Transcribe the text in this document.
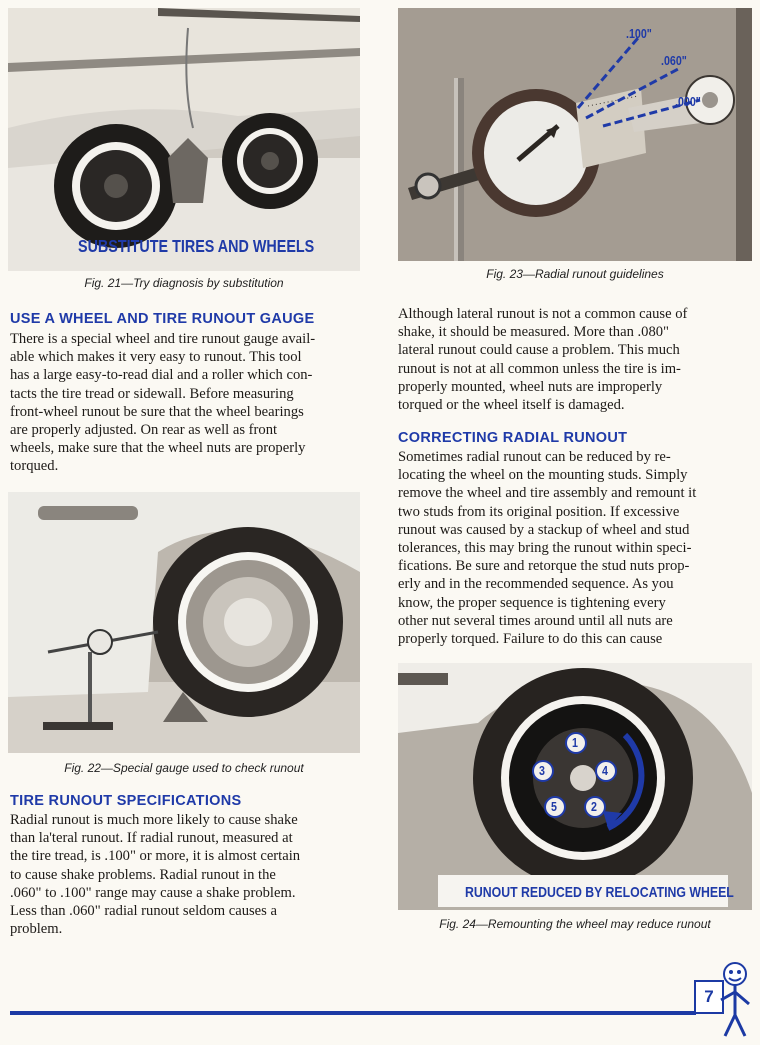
SUBSTITUTE TIRES AND WHEELS
Fig. 21—Try diagnosis by substitution
.100"
.060"
.000"
Fig. 23—Radial runout guidelines
USE A WHEEL AND TIRE RUNOUT GAUGE
There is a special wheel and tire runout gauge avail-
able which makes it very easy to runout. This tool
has a large easy-to-read dial and a roller which con-
tacts the tire tread or sidewall. Before measuring
front-wheel runout be sure that the wheel bearings
are properly adjusted. On rear as well as front
wheels, make sure that the wheel nuts are properly
torqued.
Fig. 22—Special gauge used to check runout
TIRE RUNOUT SPECIFICATIONS
Radial runout is much more likely to cause shake
than la'teral runout. If radial runout, measured at
the tire tread, is .100" or more, it is almost certain
to cause shake problems. Radial runout in the
.060" to .100" range may cause a shake problem.
Less than .060" radial runout seldom causes a
problem.
Although lateral runout is not a common cause of
shake, it should be measured. More than .080"
lateral runout could cause a problem. This much
runout is not at all common unless the tire is im-
properly mounted, wheel nuts are improperly
torqued or the wheel itself is damaged.
CORRECTING RADIAL RUNOUT
Sometimes radial runout can be reduced by re-
locating the wheel on the mounting studs. Simply
remove the wheel and tire assembly and remount it
two studs from its original position. If excessive
runout was caused by a stackup of wheel and stud
tolerances, this may bring the runout within speci-
fications. Be sure and retorque the stud nuts prop-
erly and in the recommended sequence. As you
know, the proper sequence is tightening every
other nut several times around until all nuts are
properly torqued. Failure to do this can cause
1
2
3	4
5
RUNOUT REDUCED BY RELOCATING WHEEL
Fig. 24—Remounting the wheel may reduce runout
7
